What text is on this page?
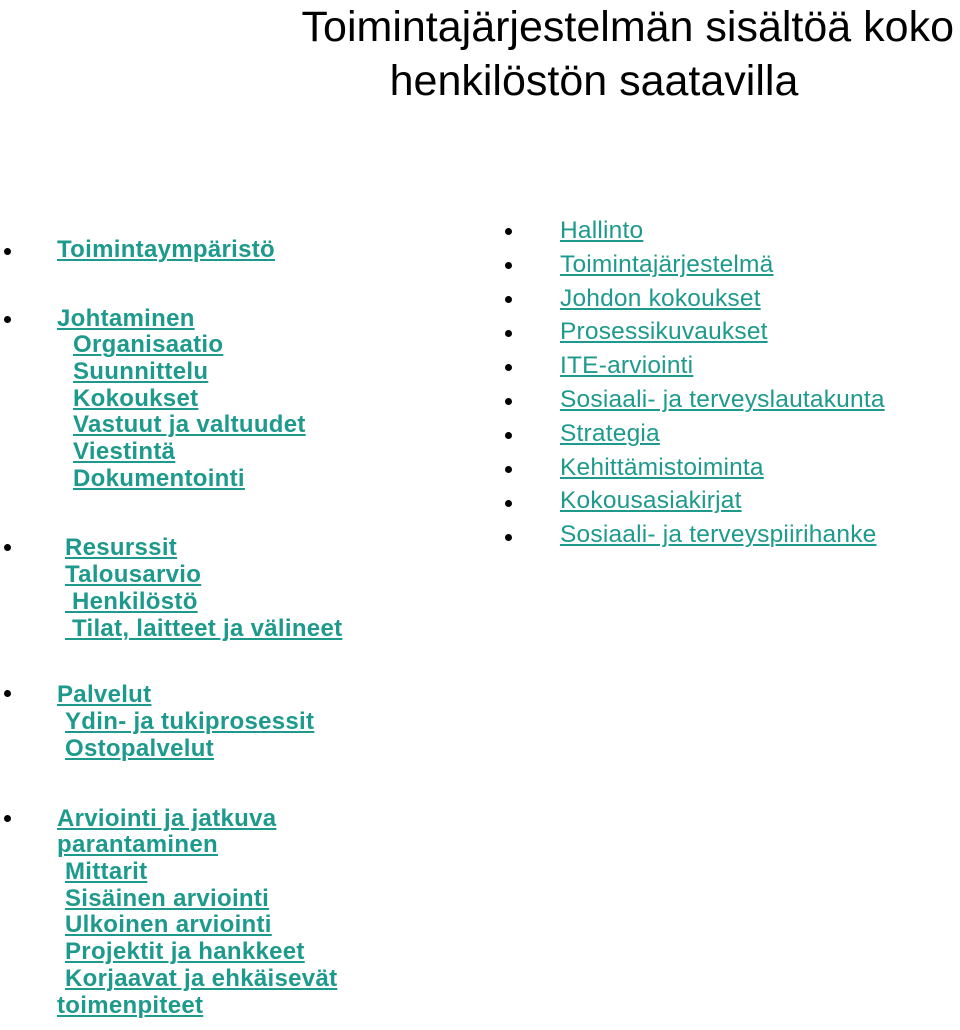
Toimintajärjestelmän sisältöä koko
henkilöstön saatavilla
Toimintaympäristö
Johtaminen
Organisaatio
Suunnittelu
Kokoukset
Vastuut ja valtuudet
Viestintä
Dokumentointi
Resurssit
Talousarvio
Henkilöstö
Tilat, laitteet ja välineet
Palvelut
Ydin- ja tukiprosessit
Ostopalvelut
Arviointi ja jatkuva
parantaminen
Mittarit
Sisäinen arviointi
Ulkoinen arviointi
Projektit ja hankkeet
Korjaavat ja ehkäisevät
toimenpiteet
Hallinto
Toimintajärjestelmä
Johdon kokoukset
Prosessikuvaukset
ITE-arviointi
Sosiaali- ja terveyslautakunta
Strategia
Kehittämistoiminta
Kokousasiakirjat
Sosiaali- ja terveyspiirihanke
